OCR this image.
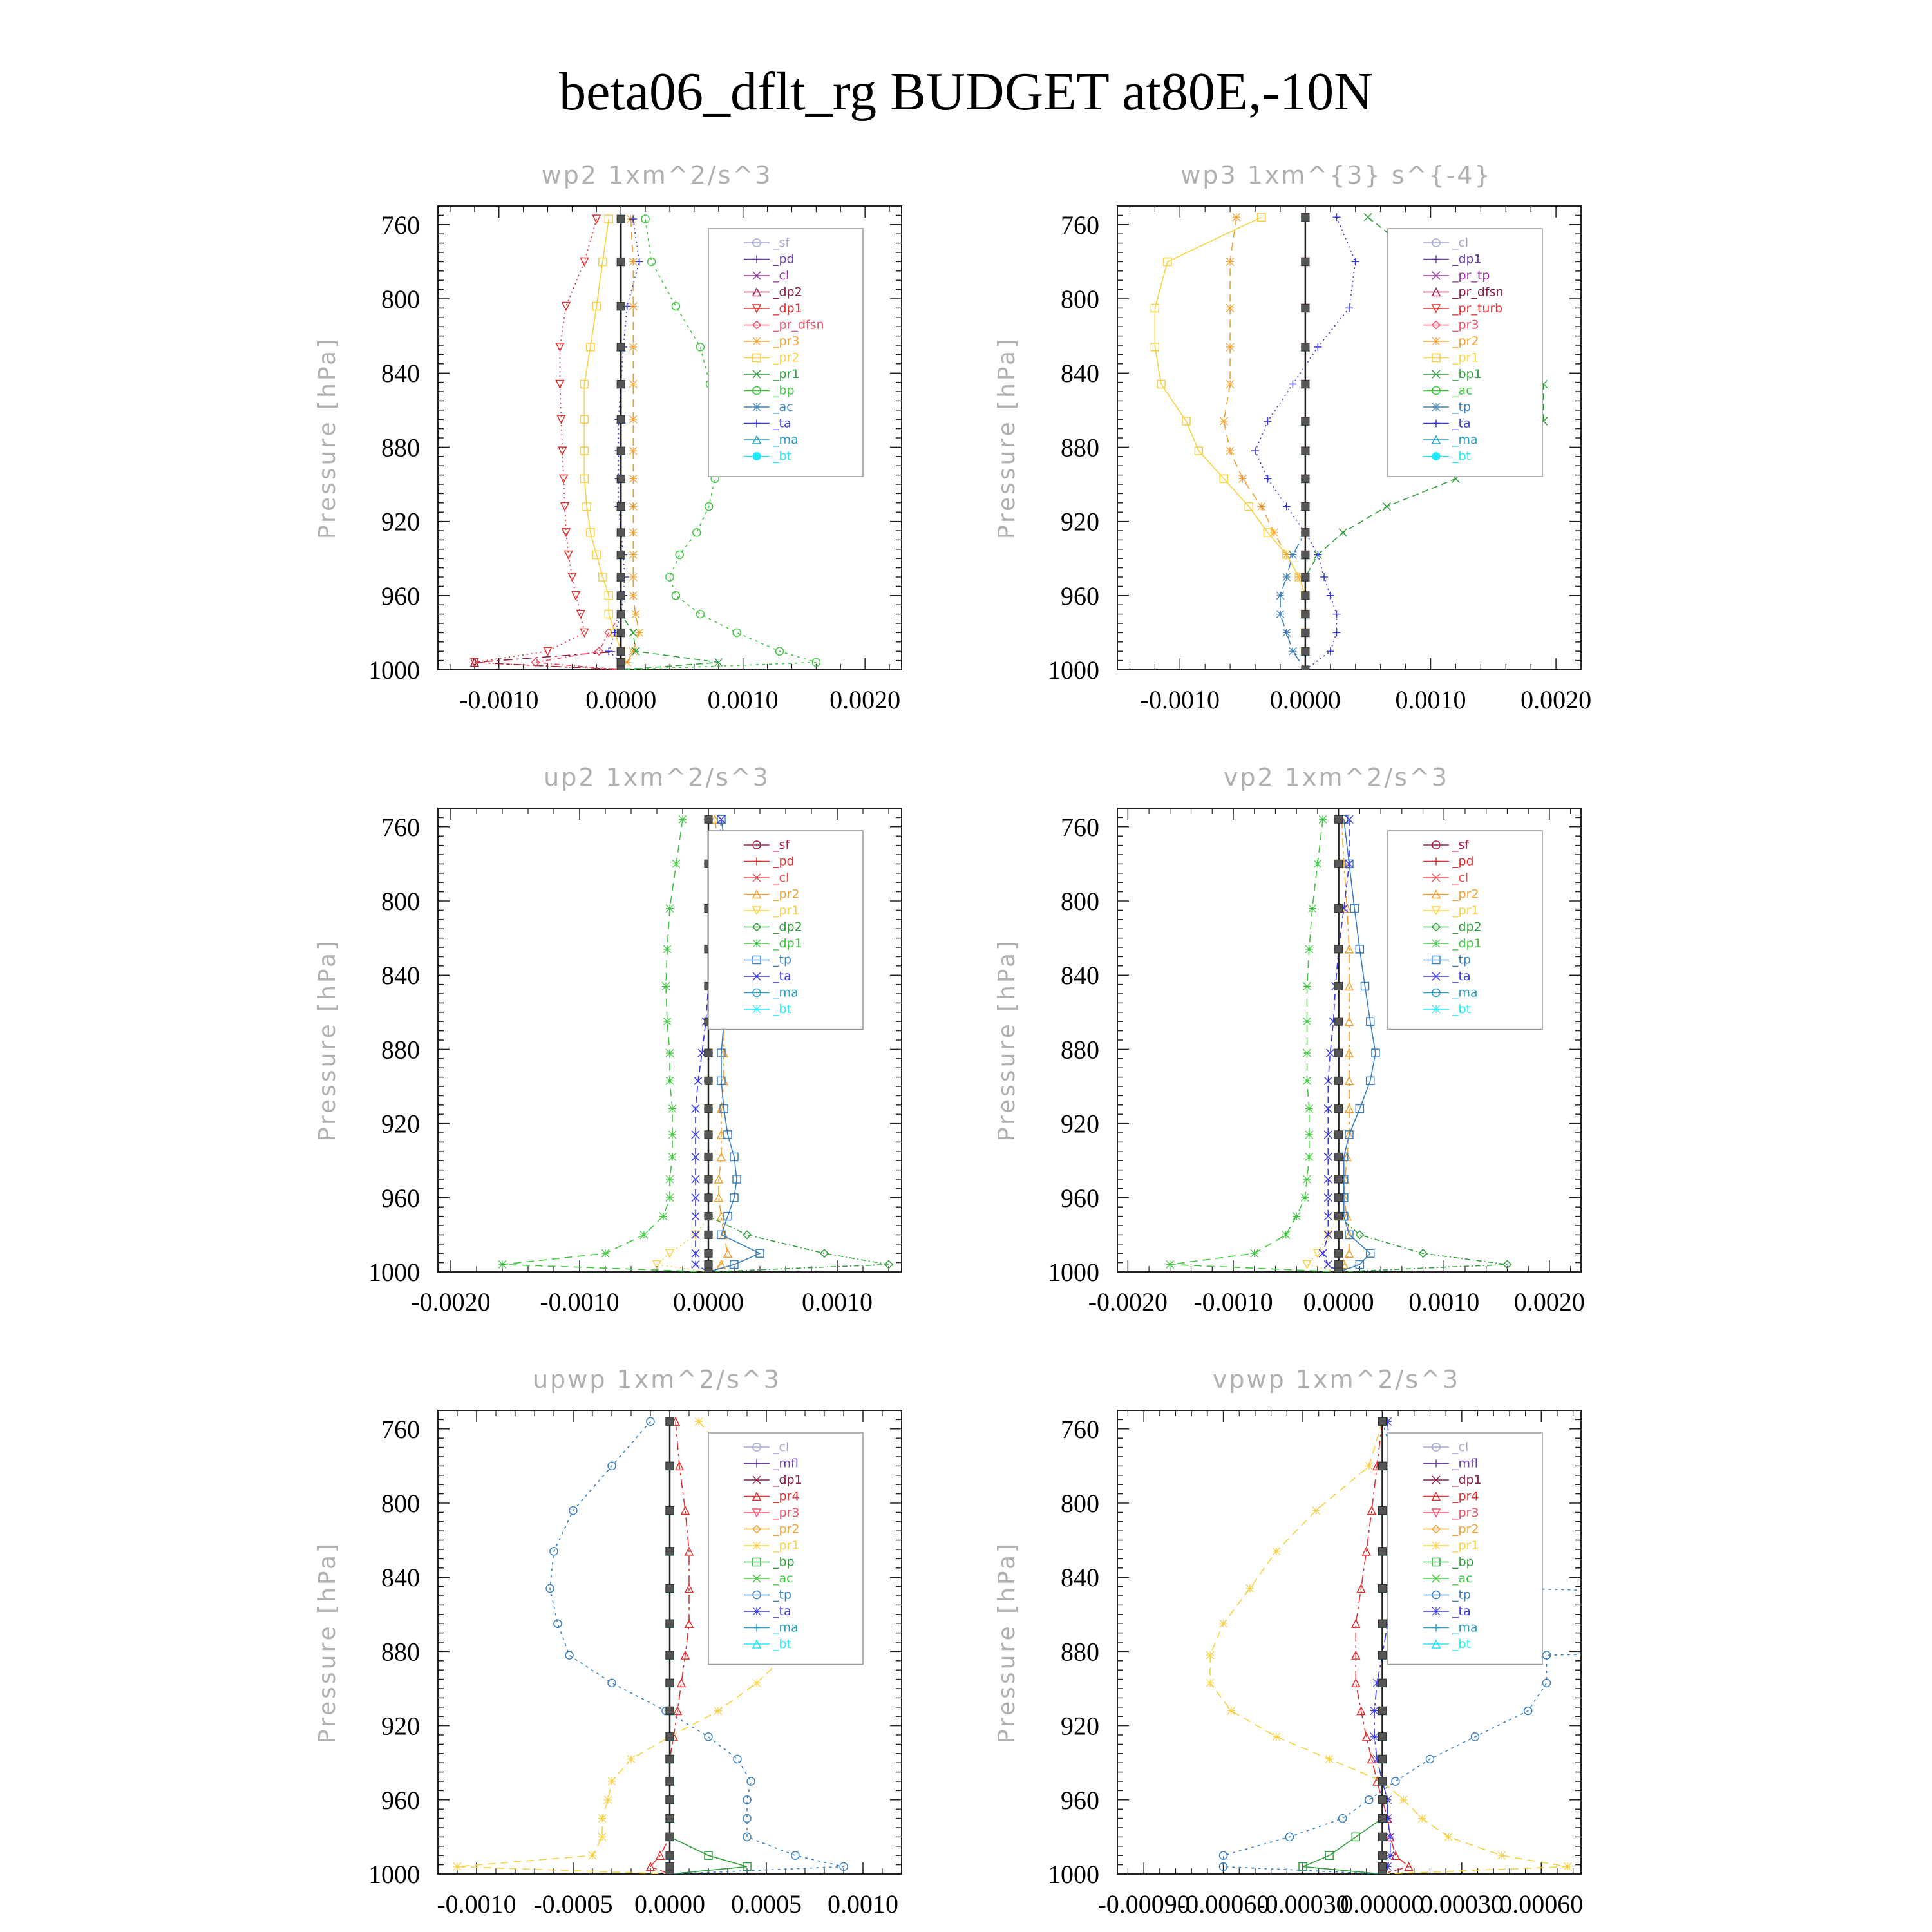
beta06_dflt_rg BUDGET at80E,-10N
wp2 1xm^2/s^3
Pressure [hPa]
760
800
840
880
920
960
1000
-0.0010 0.0000 0.0010 0.0020
_sf
_pd
_cl
_dp2
_dp1
_pr_dfsn
_pr3
_pr2
_pr1
_bp
_ac
_ta
_ma
_bt
wp3 1xm^{3} s^{-4}
Pressure [hPa]
760
800
840
880
920
960
1000
-0.0010 0.0000 0.0010 0.0020
_cl
_dp1
_pr_tp
_pr_dfsn
_pr_turb
_pr3
_pr2
_pr1
_bp1
_ac
_tp
_ta
_ma
_bt
up2 1xm^2/s^3
Pressure [hPa]
760
800
840
880
920
960
1000
-0.0020 -0.0010 0.0000 0.0010
_sf
_pd
_cl
_pr2
_pr1
_dp2
_dp1
_tp
_ta
_ma
_bt
vp2 1xm^2/s^3
Pressure [hPa]
760
800
840
880
920
960
1000
-0.0020 -0.0010 0.0000 0.0010 0.0020
_sf
_pd
_cl
_pr2
_pr1
_dp2
_dp1
_tp
_ta
_ma
_bt
upwp 1xm^2/s^3
Pressure [hPa]
760
800
840
880
920
960
1000
-0.0010 -0.0005 0.0000 0.0005 0.0010
_cl
_mfl
_dp1
_pr4
_pr3
_pr2
_pr1
_bp
_ac
_tp
_ta
_ma
_bt
vpwp 1xm^2/s^3
Pressure [hPa]
760
800
840
880
920
960
1000
-0.00090
-0.00060
-0.00030
0.00000
0.00030
0.00060
_cl
_mfl
_dp1
_pr4
_pr3
_pr2
_pr1
_bp
_ac
_tp
_ta
_ma
_bt
